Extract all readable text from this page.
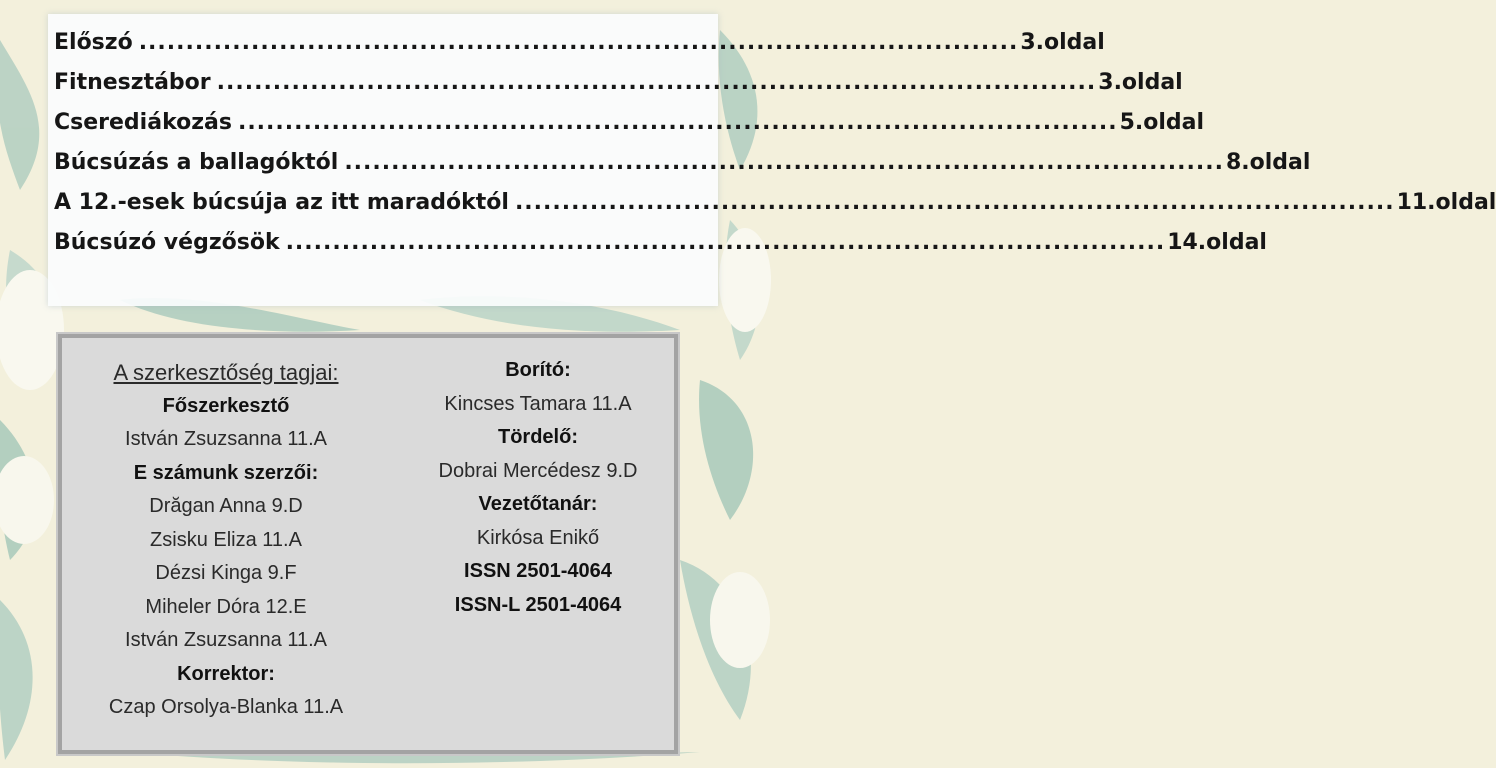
Előszó .............................................................................................. 3.oldal
Fitnesztábor .............................................................................................. 3.oldal
Cserediákozás .............................................................................................. 5.oldal
Búcsúzás a ballagóktól .............................................................................................. 8.oldal
A 12.-esek búcsúja az itt maradóktól .............................................................................................. 11.oldal
Búcsúzó végzősök .............................................................................................. 14.oldal
A szerkesztőség tagjai:
Főszerkesztő
István Zsuzsanna 11.A
E számunk szerzői:
Drăgan Anna 9.D
Zsisku Eliza 11.A
Dézsi Kinga 9.F
Miheler Dóra 12.E
István Zsuzsanna 11.A
Korrektor:
Czap Orsolya-Blanka 11.A
Borító:
Kincses Tamara 11.A
Tördelő:
Dobrai Mercédesz 9.D
Vezetőtanár:
Kirkósa Enikő
ISSN 2501-4064
ISSN-L 2501-4064
